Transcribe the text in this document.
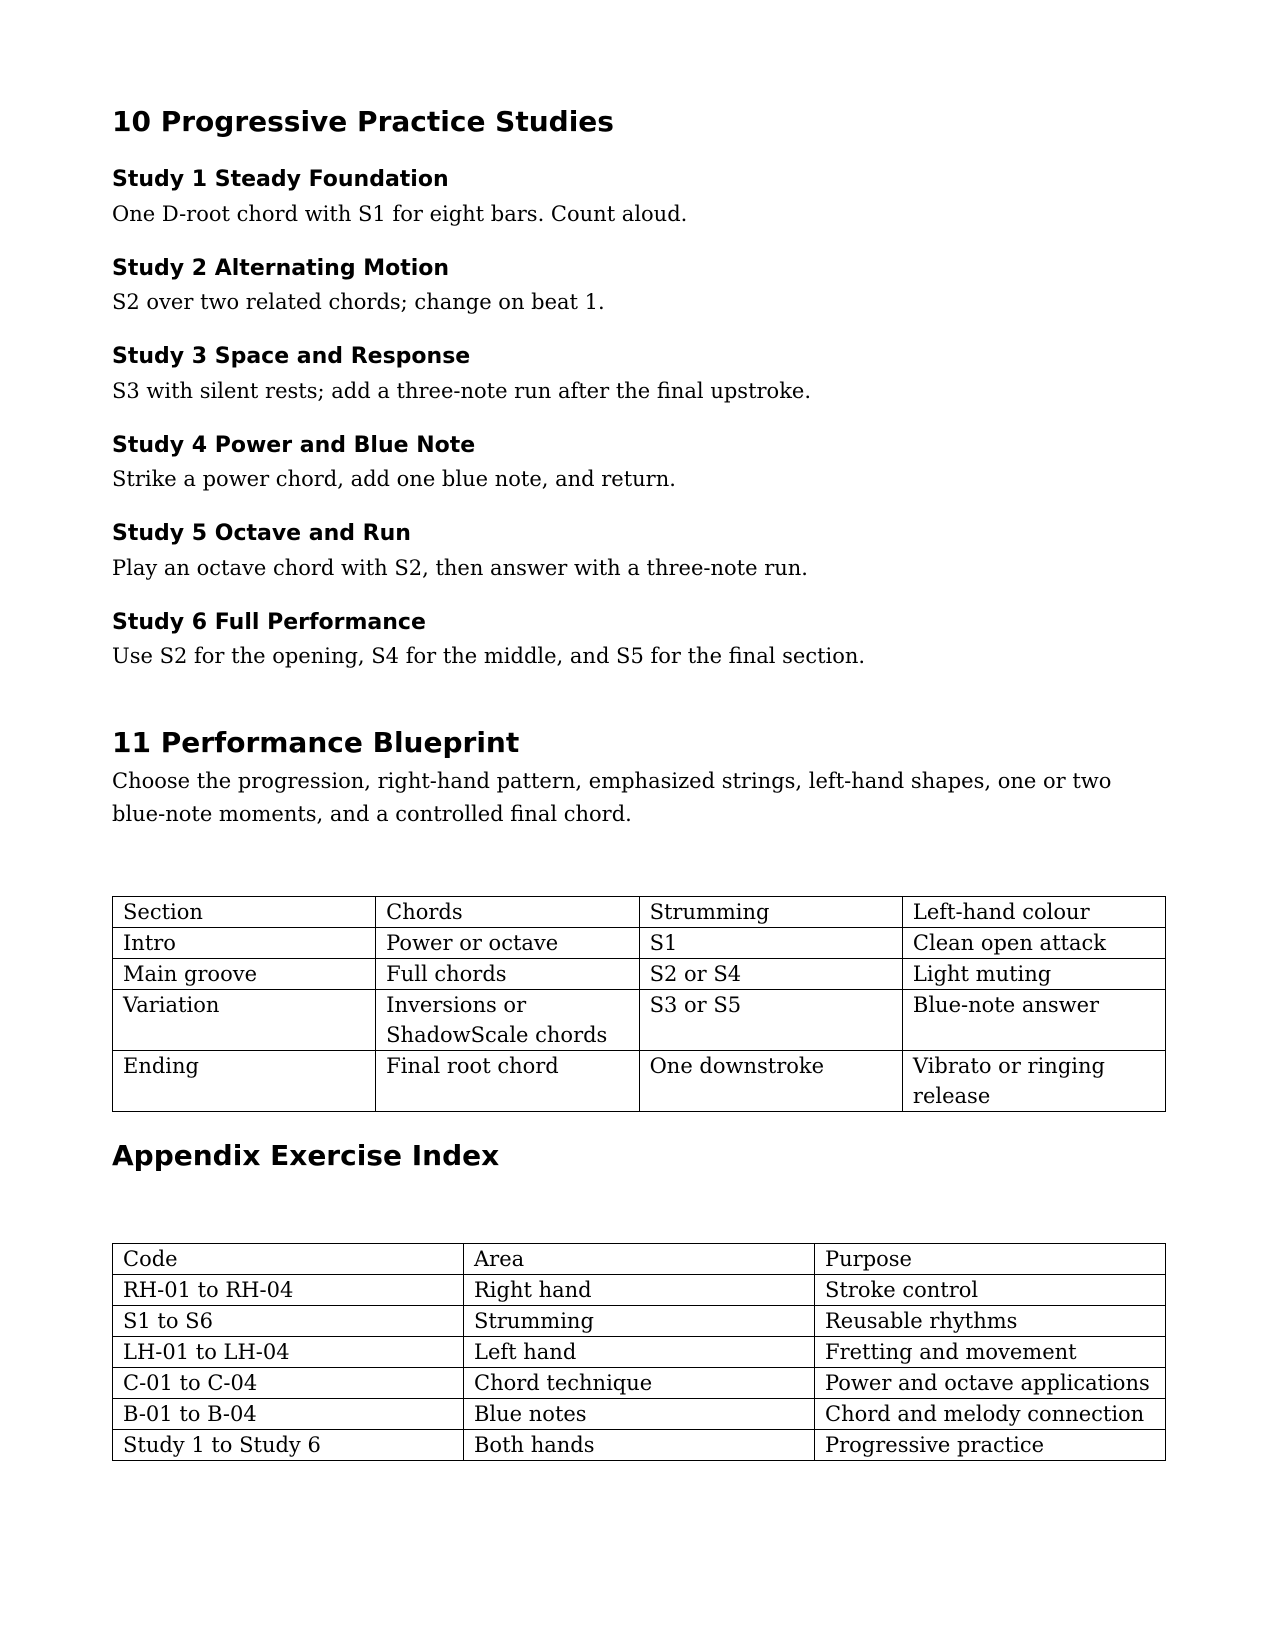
10 Progressive Practice Studies
Study 1 Steady Foundation

One D-root chord with S1 for eight bars. Count aloud.

Study 2 Alternating Motion

S2 over two related chords; change on beat 1.

Study 3 Space and Response

S3 with silent rests; add a three-note run after the final upstroke.

Study 4 Power and Blue Note

Strike a power chord, add one blue note, and return.

Study 5 Octave and Run

Play an octave chord with S2, then answer with a three-note run.

Study 6 Full Performance

Use S2 for the opening, S4 for the middle, and S5 for the final section.

11 Performance Blueprint

Choose the progression, right-hand pattern, emphasized strings, left-hand shapes, one or two blue-note moments, and a controlled final chord.

Section	Chords	Strumming	Left-hand colour
Intro	Power or octave	S1	Clean open attack
Main groove	Full chords	S2 or S4	Light muting
Variation	Inversions or ShadowScale chords	S3 or S5	Blue-note answer
Ending	Final root chord	One downstroke	Vibrato or ringing release
Appendix Exercise Index
Code	Area	Purpose
RH-01 to RH-04	Right hand	Stroke control
S1 to S6	Strumming	Reusable rhythms
LH-01 to LH-04	Left hand	Fretting and movement
C-01 to C-04	Chord technique	Power and octave applications
B-01 to B-04	Blue notes	Chord and melody connection
Study 1 to Study 6	Both hands	Progressive practice
